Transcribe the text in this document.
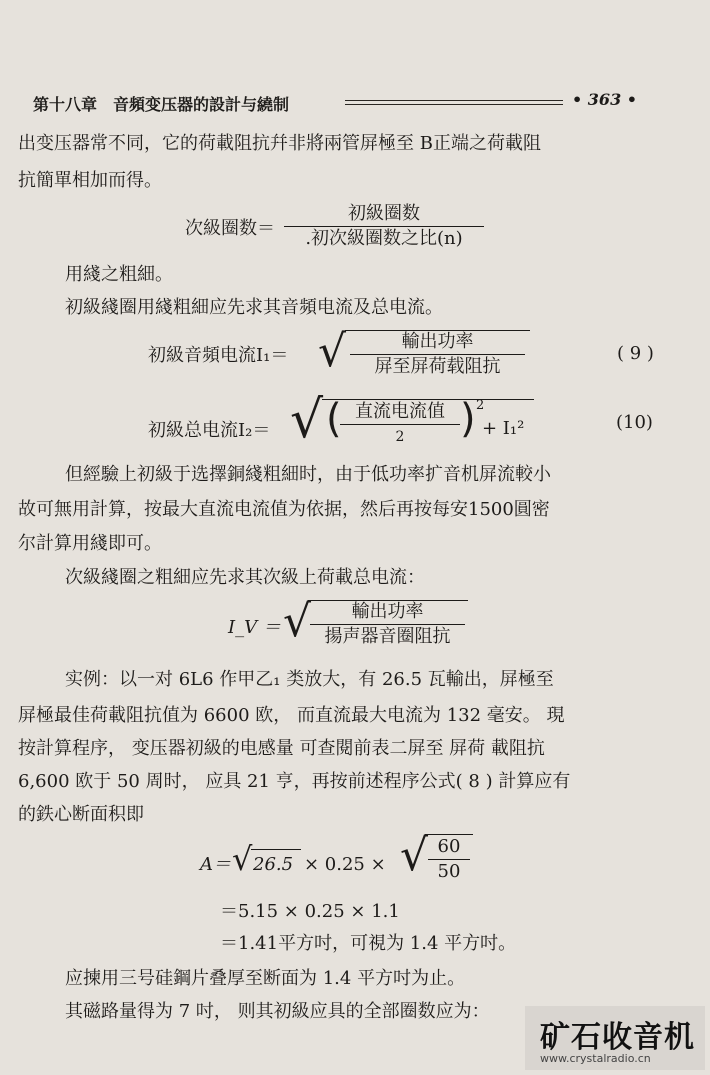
第十八章　音頻变压器的設計与繞制	• 363 •
出变压器常不同，它的荷載阻抗幷非將兩管屏極至 B正端之荷載阻
抗簡單相加而得。
次級圈数＝
初級圈数
.初次級圈数之比(n)
用綫之粗細。
初級綫圈用綫粗細应先求其音頻电流及总电流。
初級音頻电流I₁＝ √	輸出功率
屏至屏荷载阻抗
( 9 )
初級总电流I₂＝ √ ( 直流电流值
2	) 2
+ I₁²	(10)
但經驗上初級于选擇銅綫粗細时，由于低功率扩音机屏流較小
故可無用計算，按最大直流电流值为依据，然后再按每安1500圓密
尔計算用綫即可。
次級綫圈之粗細应先求其次級上荷載总电流：
I_V ＝ √	輸出功率
揚声器音圈阻抗
实例：以一对 6L6 作甲乙₁ 类放大，有 26.5 瓦輸出，屏極至
屏極最佳荷載阻抗值为 6600 欧， 而直流最大电流为 132 毫安。 現
按計算程序， 变压器初級的电感量 可查閱前表二屏至 屏荷 載阻抗
6,600 欧于 50 周时， 应具 21 亨，再按前述程序公式( 8 ) 計算应有
的鉄心断面积即
A＝ √ 26.5 × 0.25 × √ 60
50
＝5.15 × 0.25 × 1.1
＝1.41平方吋，可視为 1.4 平方吋。
应揀用三号硅鋼片叠厚至断面为 1.4 平方吋为止。
其磁路量得为 7 吋， 则其初級应具的全部圈数应为：
矿石收音机
www.crystalradio.cn
